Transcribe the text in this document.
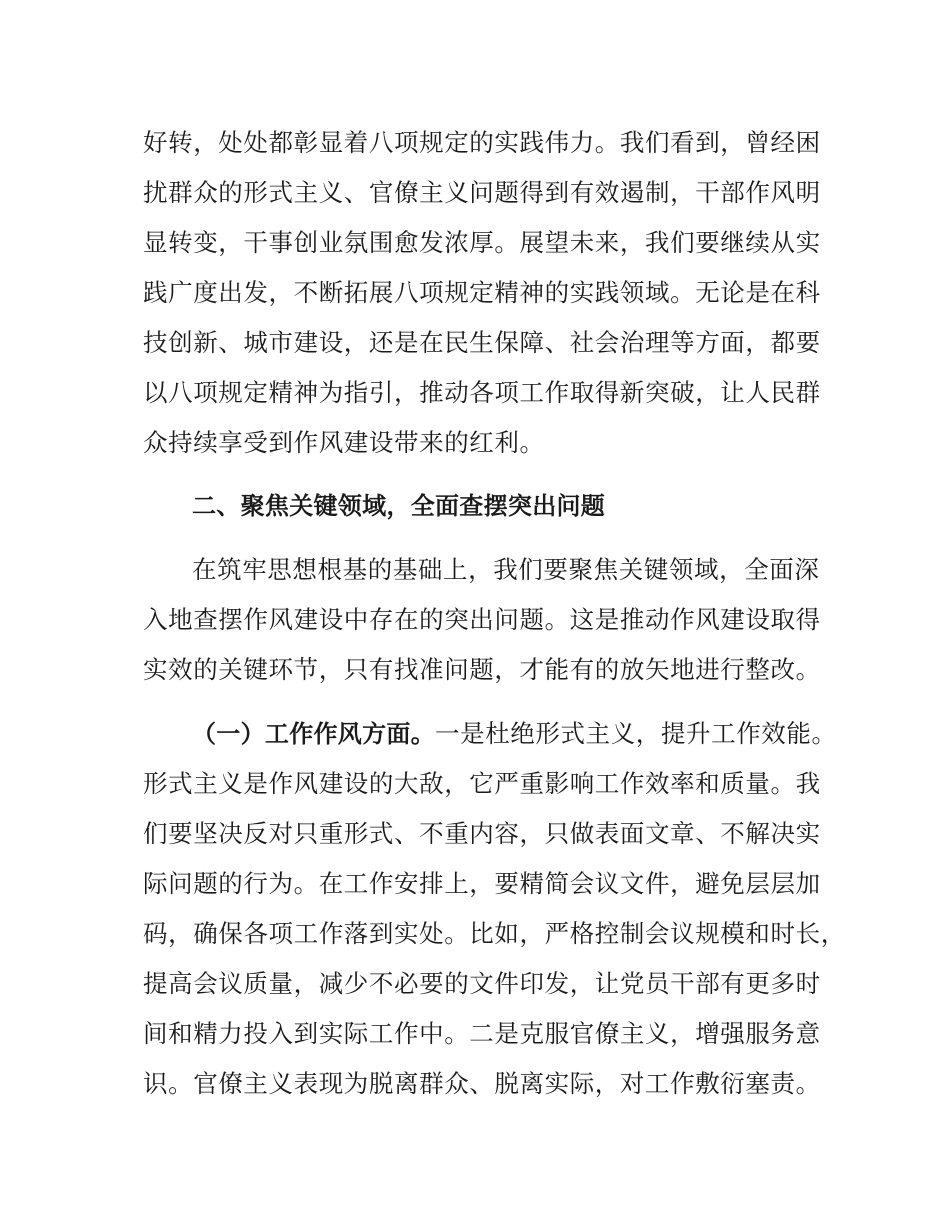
好转，处处都彰显着八项规定的实践伟力。我们看到，曾经困
扰群众的形式主义、官僚主义问题得到有效遏制，干部作风明
显转变，干事创业氛围愈发浓厚。展望未来，我们要继续从实
践广度出发，不断拓展八项规定精神的实践领域。无论是在科
技创新、城市建设，还是在民生保障、社会治理等方面，都要
以八项规定精神为指引，推动各项工作取得新突破，让人民群
众持续享受到作风建设带来的红利。
二、聚焦关键领域，全面查摆突出问题
在筑牢思想根基的基础上，我们要聚焦关键领域，全面深
入地查摆作风建设中存在的突出问题。这是推动作风建设取得
实效的关键环节，只有找准问题，才能有的放矢地进行整改。
（一）工作作风方面。一是杜绝形式主义，提升工作效能。
形式主义是作风建设的大敌，它严重影响工作效率和质量。我
们要坚决反对只重形式、不重内容，只做表面文章、不解决实
际问题的行为。在工作安排上，要精简会议文件，避免层层加
码，确保各项工作落到实处。比如，严格控制会议规模和时长，
提高会议质量，减少不必要的文件印发，让党员干部有更多时
间和精力投入到实际工作中。二是克服官僚主义，增强服务意
识。官僚主义表现为脱离群众、脱离实际，对工作敷衍塞责。
